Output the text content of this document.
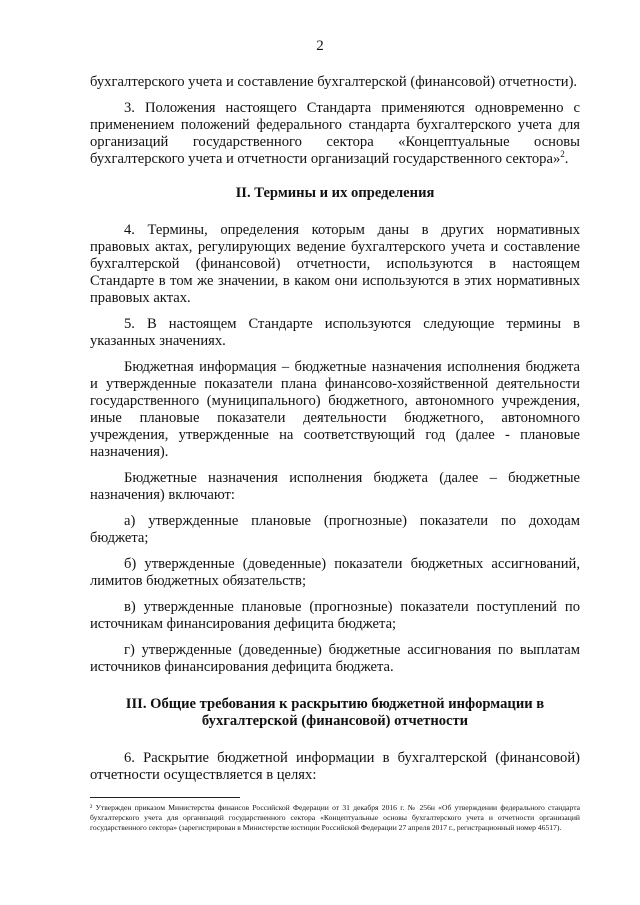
2

бухгалтерского учета и составление бухгалтерской (финансовой) отчетности).

3. Положения настоящего Стандарта применяются одновременно с применением положений федерального стандарта бухгалтерского учета для организаций государственного сектора «Концептуальные основы бухгалтерского учета и отчетности организаций государственного сектора»$^2$.

II. Термины и их определения

4. Термины, определения которым даны в других нормативных правовых актах, регулирующих ведение бухгалтерского учета и составление бухгалтерской (финансовой) отчетности, используются в настоящем Стандарте в том же значении, в каком они используются в этих нормативных правовых актах.

5. В настоящем Стандарте используются следующие термины в указанных значениях.

Бюджетная информация – бюджетные назначения исполнения бюджета и утвержденные показатели плана финансово-хозяйственной деятельности государственного (муниципального) бюджетного, автономного учреждения, иные плановые показатели деятельности бюджетного, автономного учреждения, утвержденные на соответствующий год (далее - плановые назначения).

Бюджетные назначения исполнения бюджета (далее – бюджетные назначения) включают:

а) утвержденные плановые (прогнозные) показатели по доходам бюджета;

б) утвержденные (доведенные) показатели бюджетных ассигнований, лимитов бюджетных обязательств;

в) утвержденные плановые (прогнозные) показатели поступлений по источникам финансирования дефицита бюджета;

г) утвержденные (доведенные) бюджетные ассигнования по выплатам источников финансирования дефицита бюджета.

III. Общие требования к раскрытию бюджетной информации в бухгалтерской (финансовой) отчетности

6. Раскрытие бюджетной информации в бухгалтерской (финансовой) отчетности осуществляется в целях:

² Утвержден приказом Министерства финансов Российской Федерации от 31 декабря 2016 г. № 256н «Об утверждении федерального стандарта бухгалтерского учета для организаций государственного сектора «Концептуальные основы бухгалтерского учета и отчетности организаций государственного сектора» (зарегистрирован в Министерстве юстиции Российской Федерации 27 апреля 2017 г., регистрационный номер 46517).
